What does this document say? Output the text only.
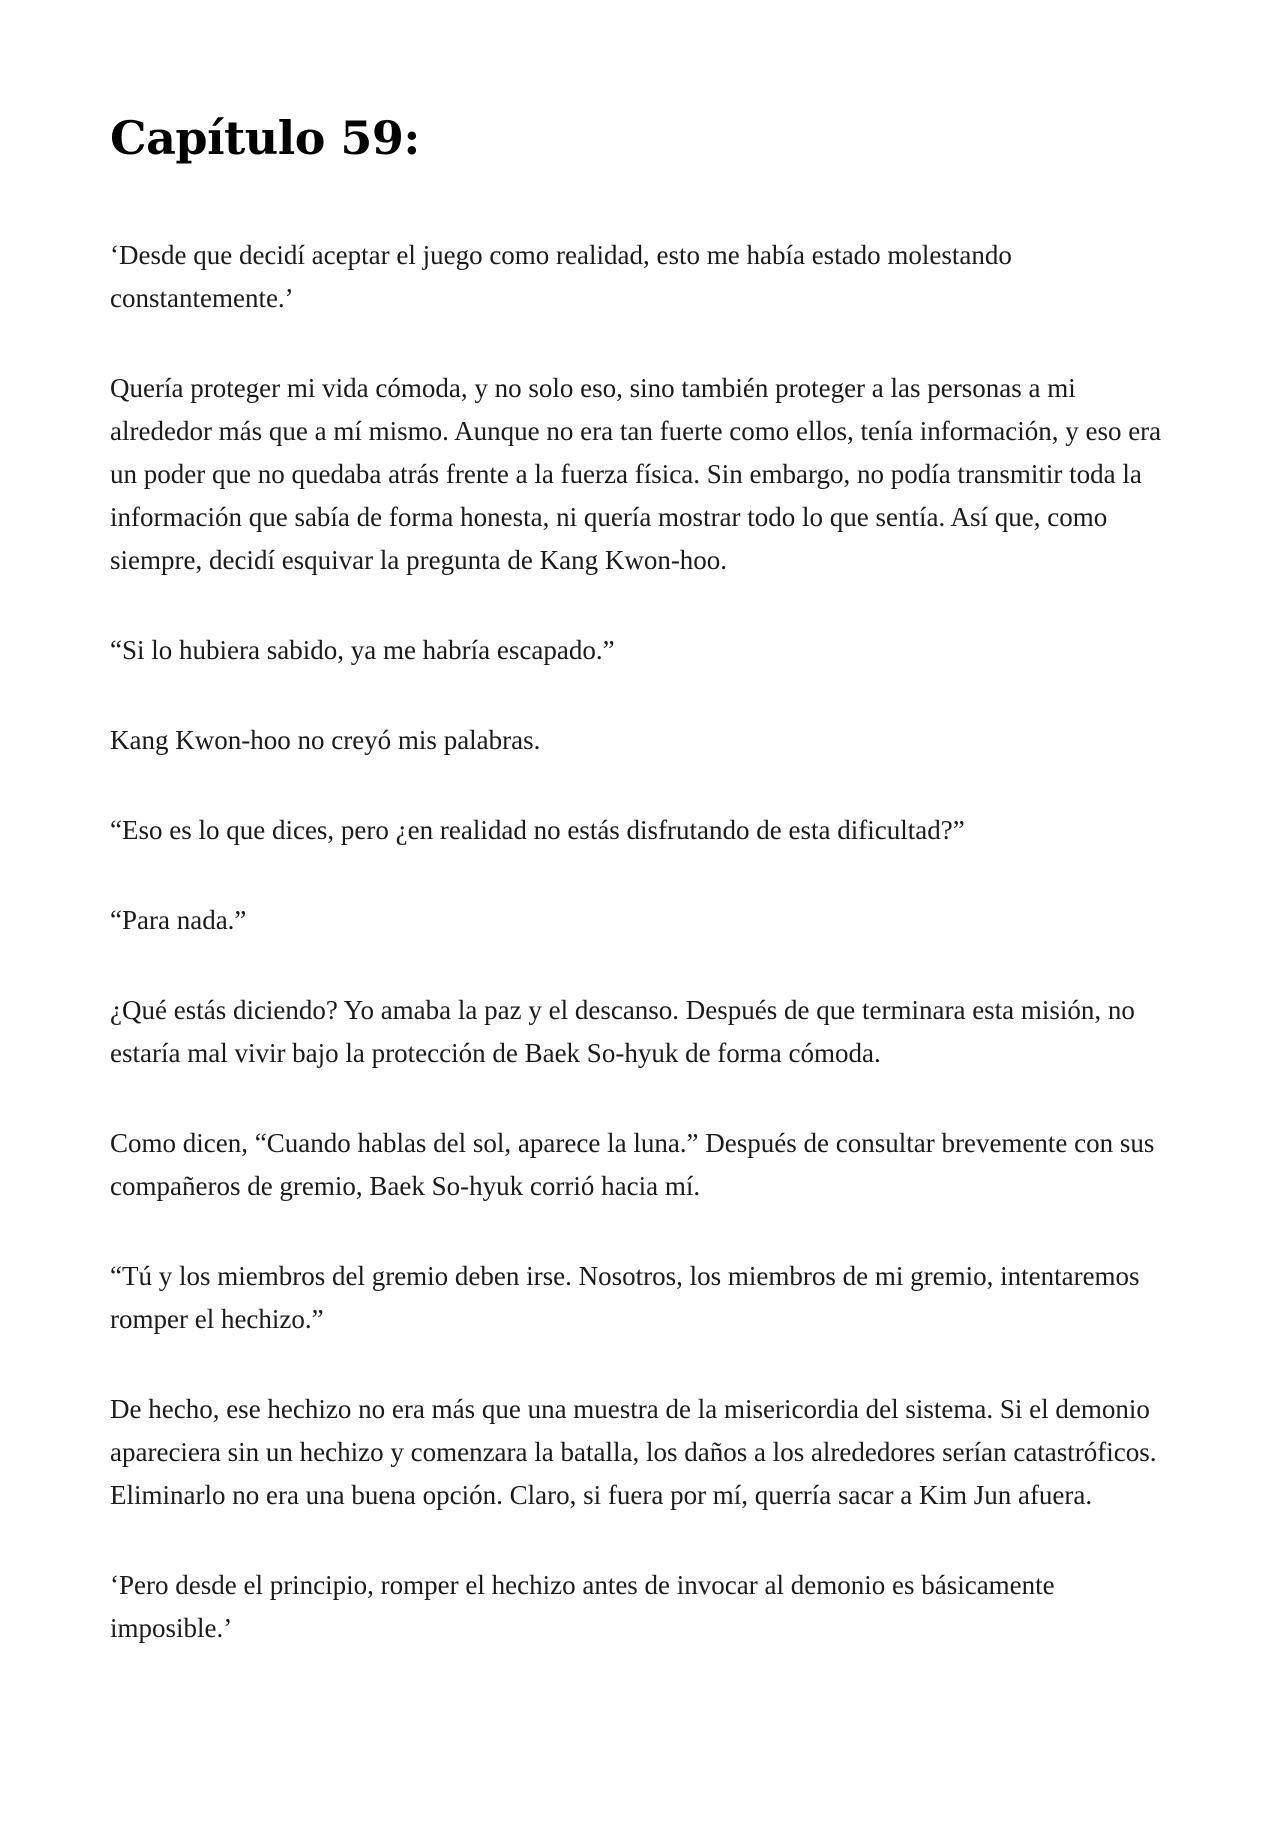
Capítulo 59:

‘Desde que decidí aceptar el juego como realidad, esto me había estado molestando constantemente.’

Quería proteger mi vida cómoda, y no solo eso, sino también proteger a las personas a mi alrededor más que a mí mismo. Aunque no era tan fuerte como ellos, tenía información, y eso era un poder que no quedaba atrás frente a la fuerza física. Sin embargo, no podía transmitir toda la información que sabía de forma honesta, ni quería mostrar todo lo que sentía. Así que, como siempre, decidí esquivar la pregunta de Kang Kwon-hoo.

“Si lo hubiera sabido, ya me habría escapado.”

Kang Kwon-hoo no creyó mis palabras.

“Eso es lo que dices, pero ¿en realidad no estás disfrutando de esta dificultad?”

“Para nada.”

¿Qué estás diciendo? Yo amaba la paz y el descanso. Después de que terminara esta misión, no estaría mal vivir bajo la protección de Baek So-hyuk de forma cómoda.

Como dicen, “Cuando hablas del sol, aparece la luna.” Después de consultar brevemente con sus compañeros de gremio, Baek So-hyuk corrió hacia mí.

“Tú y los miembros del gremio deben irse. Nosotros, los miembros de mi gremio, intentaremos romper el hechizo.”

De hecho, ese hechizo no era más que una muestra de la misericordia del sistema. Si el demonio apareciera sin un hechizo y comenzara la batalla, los daños a los alrededores serían catastróficos. Eliminarlo no era una buena opción. Claro, si fuera por mí, querría sacar a Kim Jun afuera.

‘Pero desde el principio, romper el hechizo antes de invocar al demonio es básicamente imposible.’
